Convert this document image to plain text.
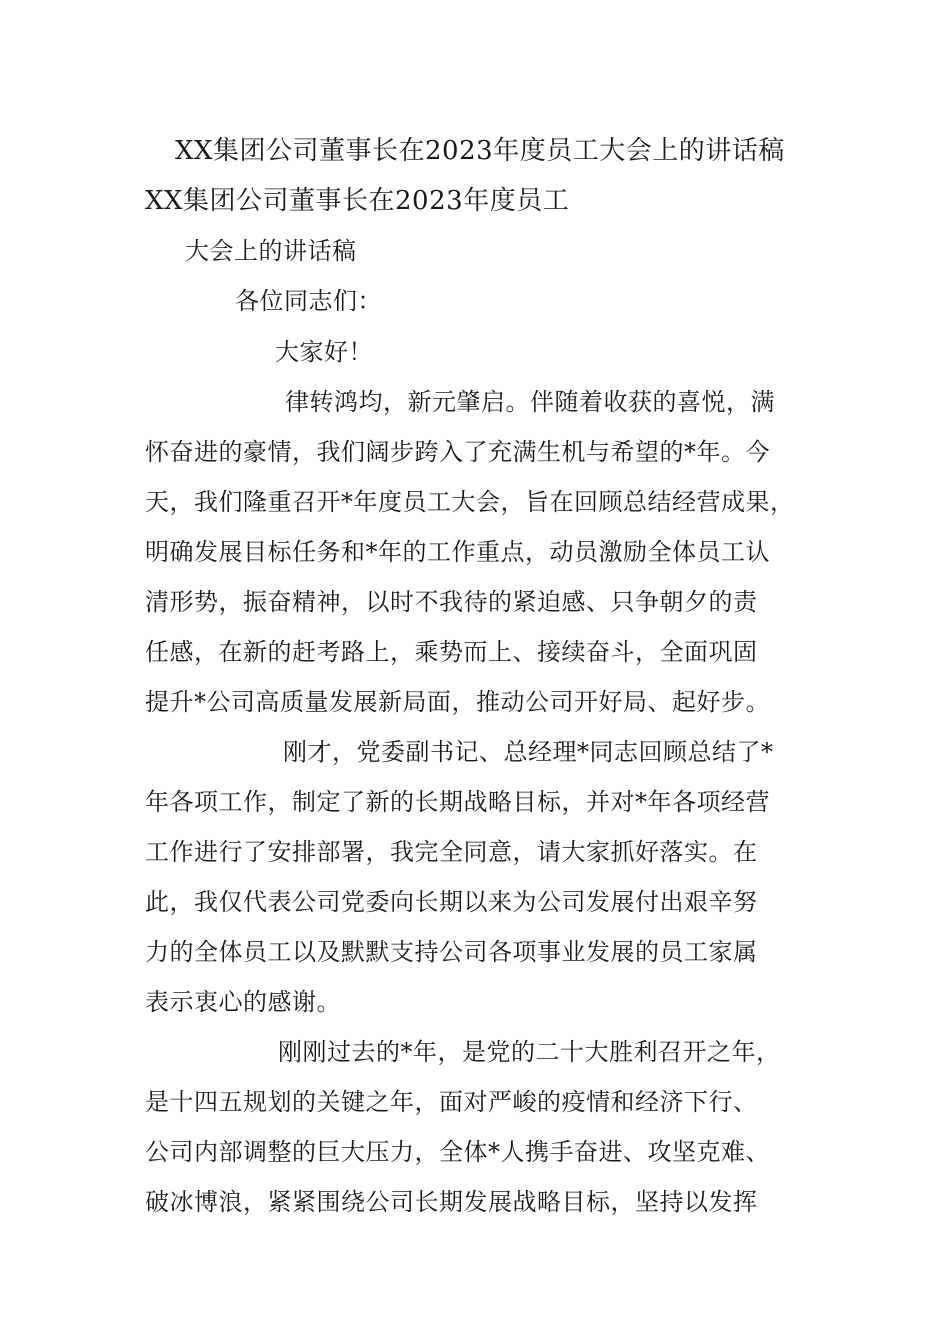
XX集团公司董事长在2023年度员工大会上的讲话稿
XX集团公司董事长在2023年度员工
大会上的讲话稿
各位同志们：
大家好！
律转鸿均，新元肇启。伴随着收获的喜悦，满
怀奋进的豪情，我们阔步跨入了充满生机与希望的*年。今
天，我们隆重召开*年度员工大会，旨在回顾总结经营成果，
明确发展目标任务和*年的工作重点，动员激励全体员工认
清形势，振奋精神，以时不我待的紧迫感、只争朝夕的责
任感，在新的赶考路上，乘势而上、接续奋斗，全面巩固
提升*公司高质量发展新局面，推动公司开好局、起好步。
刚才，党委副书记、总经理*同志回顾总结了*
年各项工作，制定了新的长期战略目标，并对*年各项经营
工作进行了安排部署，我完全同意，请大家抓好落实。在
此，我仅代表公司党委向长期以来为公司发展付出艰辛努
力的全体员工以及默默支持公司各项事业发展的员工家属
表示衷心的感谢。
刚刚过去的*年，是党的二十大胜利召开之年，
是十四五规划的关键之年，面对严峻的疫情和经济下行、
公司内部调整的巨大压力，全体*人携手奋进、攻坚克难、
破冰博浪，紧紧围绕公司长期发展战略目标，坚持以发挥
